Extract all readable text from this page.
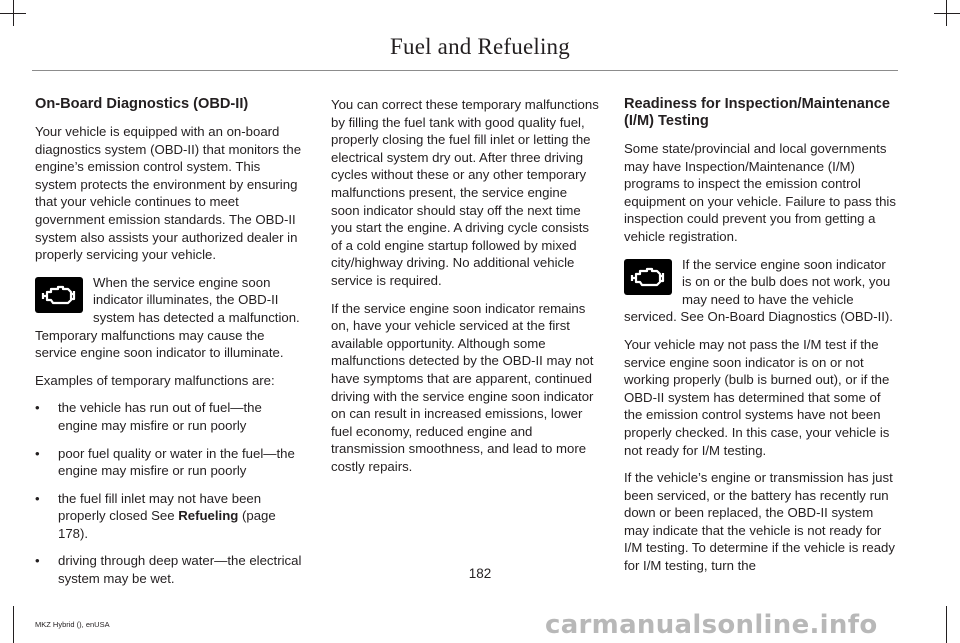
Fuel and Refueling
On-Board Diagnostics (OBD-II)

Your vehicle is equipped with an on-board diagnostics system (OBD-II) that monitors the engine’s emission control system. This system protects the environment by ensuring that your vehicle continues to meet government emission standards. The OBD-II system also assists your authorized dealer in properly servicing your vehicle.

When the service engine soon indicator illuminates, the OBD-II system has detected a malfunction. Temporary malfunctions may cause the service engine soon indicator to illuminate.

Examples of temporary malfunctions are:

• the vehicle has run out of fuel—the engine may misfire or run poorly
• poor fuel quality or water in the fuel—the engine may misfire or run poorly
• the fuel fill inlet may not have been properly closed See Refueling (page 178).
• driving through deep water—the electrical system may be wet.

You can correct these temporary malfunctions by filling the fuel tank with good quality fuel, properly closing the fuel fill inlet or letting the electrical system dry out. After three driving cycles without these or any other temporary malfunctions present, the service engine soon indicator should stay off the next time you start the engine. A driving cycle consists of a cold engine startup followed by mixed city/highway driving. No additional vehicle service is required.

If the service engine soon indicator remains on, have your vehicle serviced at the first available opportunity. Although some malfunctions detected by the OBD-II may not have symptoms that are apparent, continued driving with the service engine soon indicator on can result in increased emissions, lower fuel economy, reduced engine and transmission smoothness, and lead to more costly repairs.

Readiness for Inspection/Maintenance (I/M) Testing

Some state/provincial and local governments may have Inspection/Maintenance (I/M) programs to inspect the emission control equipment on your vehicle. Failure to pass this inspection could prevent you from getting a vehicle registration.

If the service engine soon indicator is on or the bulb does not work, you may need to have the vehicle serviced. See On-Board Diagnostics (OBD-II).

Your vehicle may not pass the I/M test if the service engine soon indicator is on or not working properly (bulb is burned out), or if the OBD-II system has determined that some of the emission control systems have not been properly checked. In this case, your vehicle is not ready for I/M testing.

If the vehicle’s engine or transmission has just been serviced, or the battery has recently run down or been replaced, the OBD-II system may indicate that the vehicle is not ready for I/M testing. To determine if the vehicle is ready for I/M testing, turn the

182
MKZ Hybrid (), enUSA	carmanualsonline.info
